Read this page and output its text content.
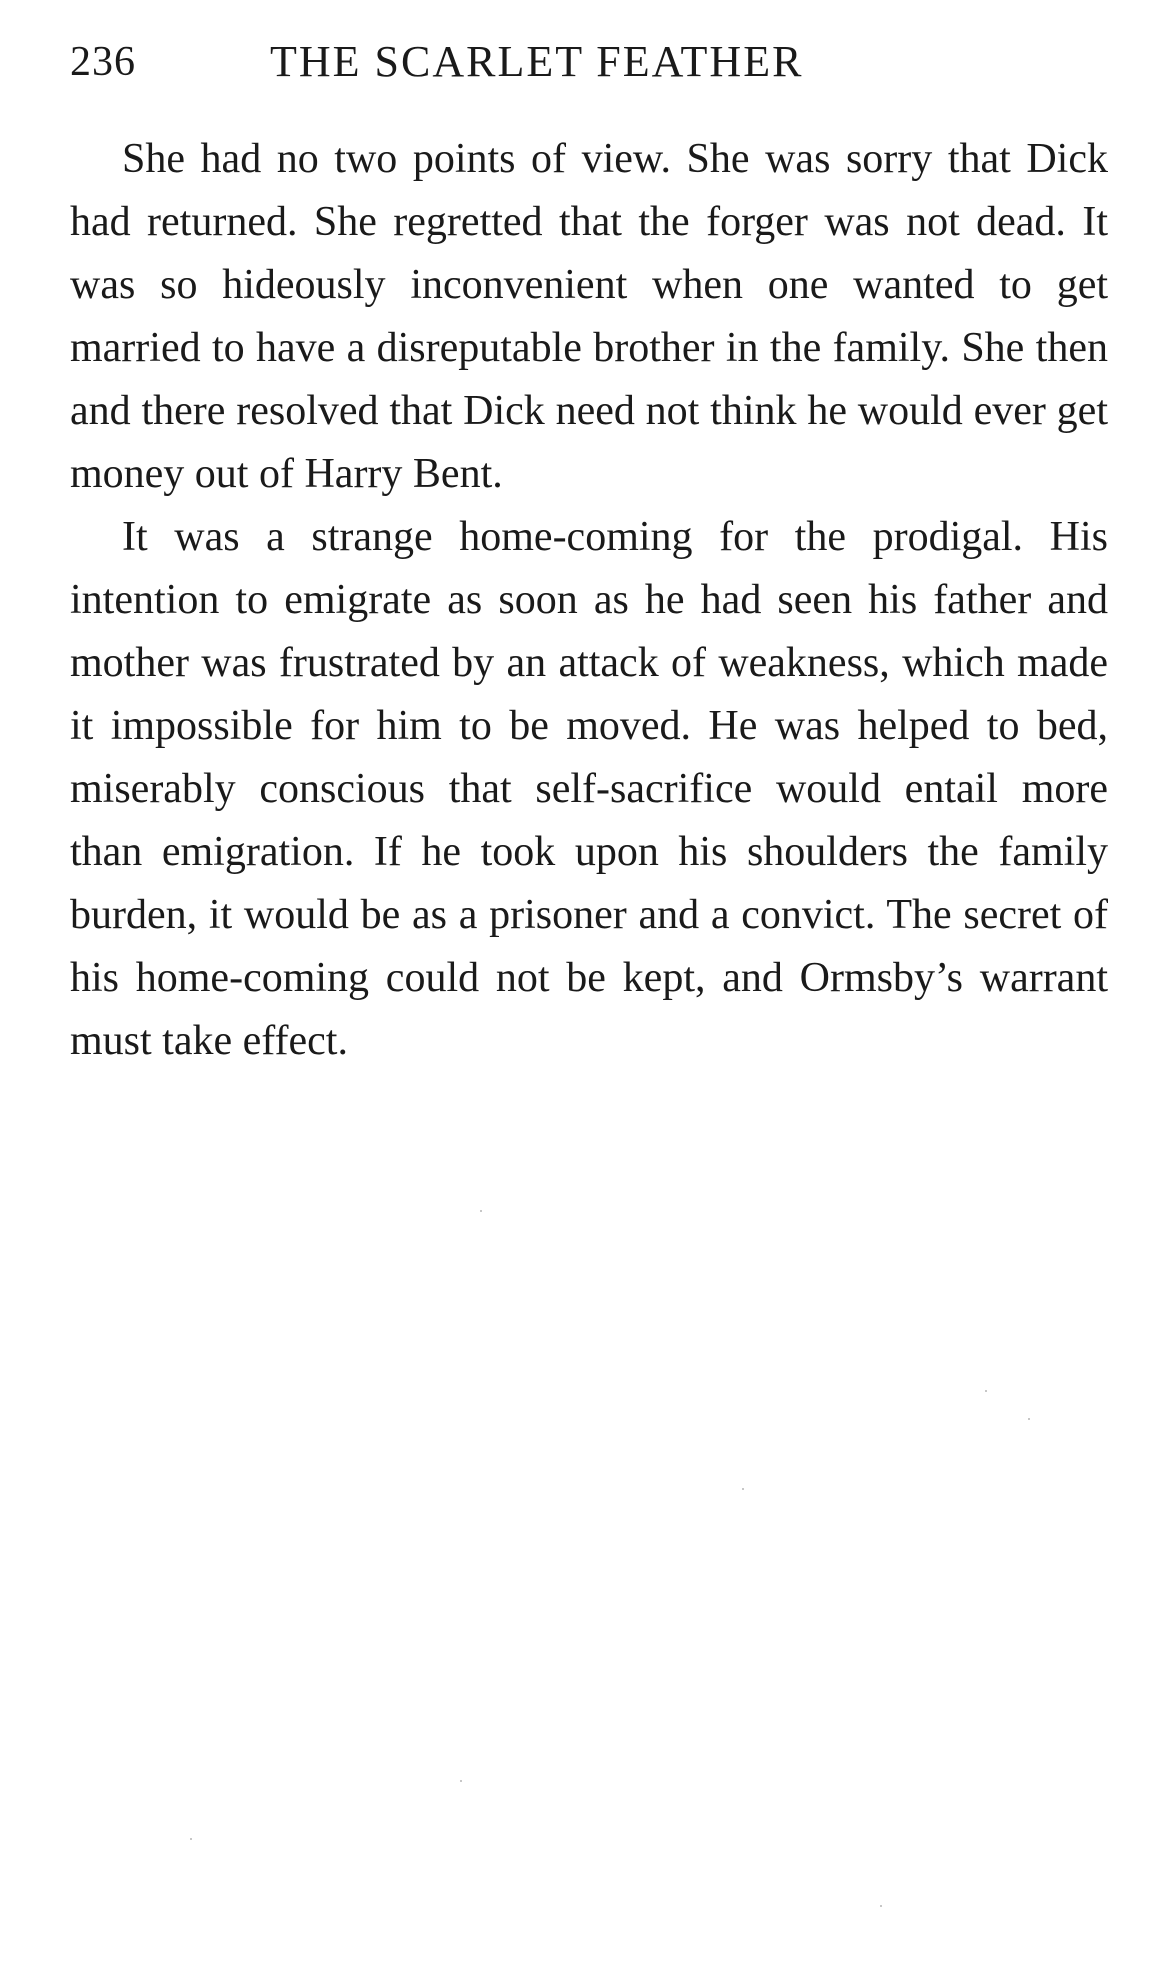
236	THE SCARLET FEATHER

She had no two points of view. She was sorry that Dick had returned. She regretted that the forger was not dead. It was so hideously inconvenient when one wanted to get married to have a disreputable brother in the family. She then and there resolved that Dick need not think he would ever get money out of Harry Bent.

It was a strange home-coming for the prodigal. His intention to emigrate as soon as he had seen his father and mother was frustrated by an attack of weakness, which made it impossible for him to be moved. He was helped to bed, miserably conscious that self-sacrifice would entail more than emigration. If he took upon his shoulders the family burden, it would be as a prisoner and a convict. The secret of his home-coming could not be kept, and Ormsby’s warrant must take effect.
